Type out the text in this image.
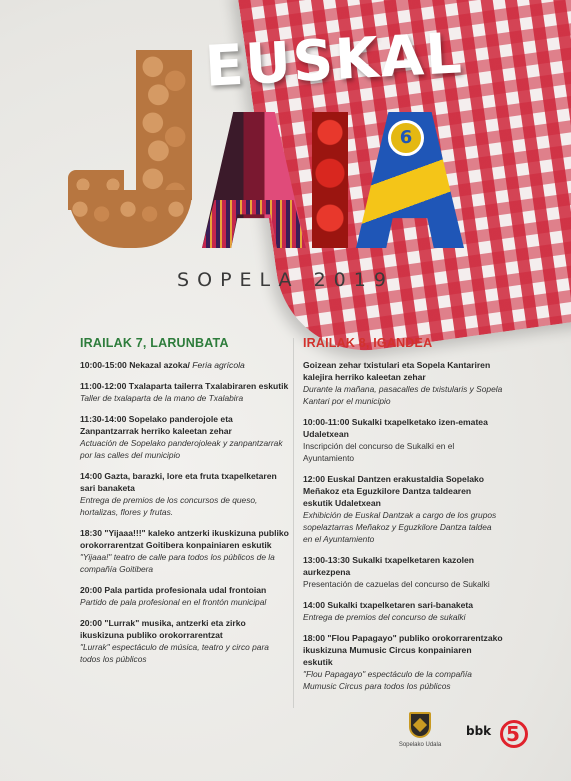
6
EUSKAL
SOPELA 2019
IRAILAK 7, LARUNBATA
10:00-15:00 Nekazal azoka/ Feria agrícola
11:00-12:00 Txalaparta tailerra Txalabiraren eskutik
Taller de txalaparta de la mano de Txalabira
11:30-14:00 Sopelako panderojole eta Zanpantzarrak herriko kaleetan zehar
Actuación de Sopelako panderojoleak y zanpantzarrak por las calles del municipio
14:00 Gazta, barazki, lore eta fruta txapelketaren sari banaketa
Entrega de premios de los concursos de queso, hortalizas, flores y frutas.
18:30 "Yijaaa!!!" kaleko antzerki ikuskizuna publiko orokorrarentzat Goitibera konpainiaren eskutik
"Yijaaa!" teatro de calle para todos los públicos de la compañía Goitibera
20:00 Pala partida profesionala udal frontoian
Partido de pala profesional en el frontón municipal
20:00 "Lurrak" musika, antzerki eta zirko ikuskizuna publiko orokorrarentzat
"Lurrak" espectáculo de música, teatro y circo para todos los públicos
IRAILAK 8, IGANDEA
Goizean zehar txistulari eta Sopela Kantariren kalejira herriko kaleetan zehar
Durante la mañana, pasacalles de txistularis y Sopela Kantari por el municipio
10:00-11:00 Sukalki txapelketako izen-ematea Udaletxean
Inscripción del concurso de Sukalki en el Ayuntamiento
12:00 Euskal Dantzen erakustaldia Sopelako Meñakoz eta Eguzkilore Dantza taldearen eskutik Udaletxean
Exhibición de Euskal Dantzak a cargo de los grupos sopelaztarras Meñakoz y Eguzkilore Dantza taldea en el Ayuntamiento
13:00-13:30 Sukalki txapelketaren kazolen aurkezpena
Presentación de cazuelas del concurso de Sukalki
14:00 Sukalki txapelketaren sari-banaketa
Entrega de premios del concurso de sukalki
18:00 "Flou Papagayo" publiko orokorrarentzako ikuskizuna Mumusic Circus konpainiaren eskutik
"Flou Papagayo" espectáculo de la compañía Mumusic Circus para todos los públicos
Sopelako Udala
bbk 5
